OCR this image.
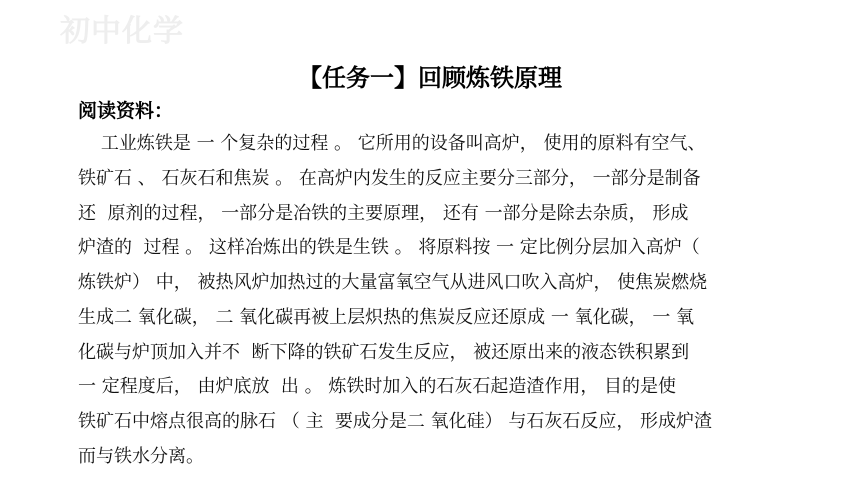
初中化学
【任务一】回顾炼铁原理
阅读资料：
工业炼铁是 一 个复杂的过程 。 它所用的设备叫高炉， 使用的原料有空气、
铁矿石 、 石灰石和焦炭 。 在高炉内发生的反应主要分三部分， 一部分是制备
还  原剂的过程， 一部分是冶铁的主要原理， 还有 一部分是除去杂质， 形成
炉渣的  过程 。 这样冶炼出的铁是生铁 。 将原料按 一 定比例分层加入高炉（
炼铁炉） 中， 被热风炉加热过的大量富氧空气从进风口吹入高炉， 使焦炭燃烧
生成二 氧化碳， 二 氧化碳再被上层炽热的焦炭反应还原成 一 氧化碳， 一 氧
化碳与炉顶加入并不  断下降的铁矿石发生反应， 被还原出来的液态铁积累到
一 定程度后， 由炉底放  出 。 炼铁时加入的石灰石起造渣作用， 目的是使
铁矿石中熔点很高的脉石 （ 主  要成分是二 氧化硅） 与石灰石反应， 形成炉渣
而与铁水分离。
